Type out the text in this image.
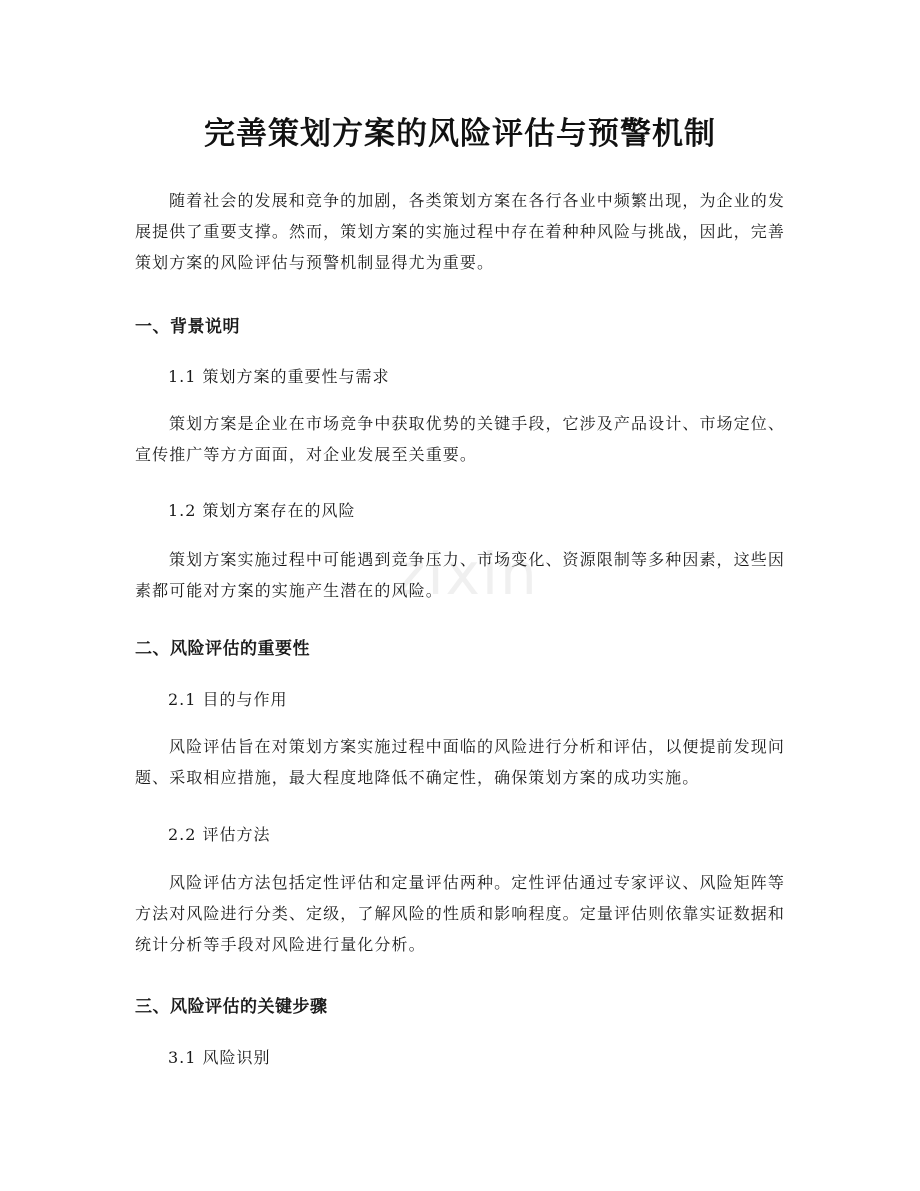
zixin
完善策划方案的风险评估与预警机制

随着社会的发展和竞争的加剧，各类策划方案在各行各业中频繁出现，为企业的发展提供了重要支撑。然而，策划方案的实施过程中存在着种种风险与挑战，因此，完善策划方案的风险评估与预警机制显得尤为重要。

一、背景说明
1.1 策划方案的重要性与需求

策划方案是企业在市场竞争中获取优势的关键手段，它涉及产品设计、市场定位、宣传推广等方方面面，对企业发展至关重要。

1.2 策划方案存在的风险

策划方案实施过程中可能遇到竞争压力、市场变化、资源限制等多种因素，这些因素都可能对方案的实施产生潜在的风险。

二、风险评估的重要性
2.1 目的与作用

风险评估旨在对策划方案实施过程中面临的风险进行分析和评估，以便提前发现问题、采取相应措施，最大程度地降低不确定性，确保策划方案的成功实施。

2.2 评估方法

风险评估方法包括定性评估和定量评估两种。定性评估通过专家评议、风险矩阵等方法对风险进行分类、定级，了解风险的性质和影响程度。定量评估则依靠实证数据和统计分析等手段对风险进行量化分析。

三、风险评估的关键步骤
3.1 风险识别
